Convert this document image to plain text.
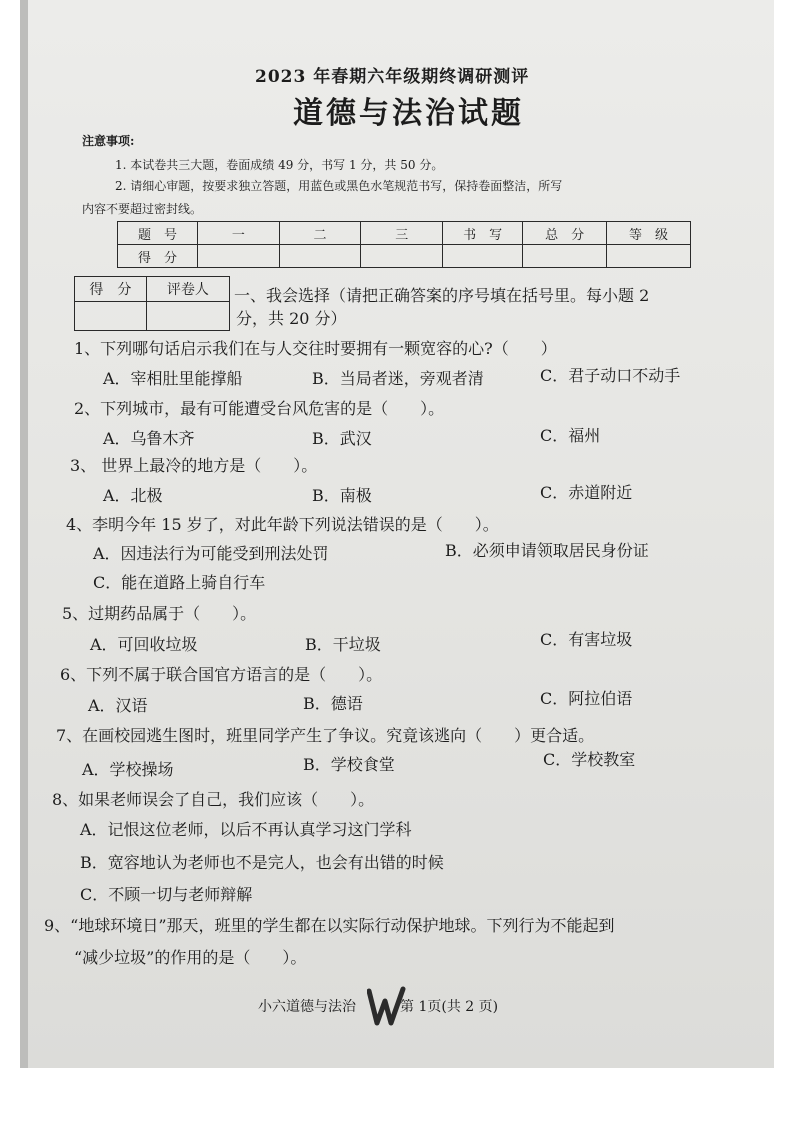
2023 年春期六年级期终调研测评
道德与法治试题
注意事项:
1. 本试卷共三大题，卷面成绩 49 分，书写 1 分，共 50 分。
2. 请细心审题，按要求独立答题，用蓝色或黑色水笔规范书写，保持卷面整洁，所写
内容不要超过密封线。
题　号	一	二	三	书　写	总　分	等　级
得　分						
得　分	评卷人
	一、我会选择（请把正确答案的序号填在括号里。每小题 2
分，共 20 分）
1、下列哪句话启示我们在与人交往时要拥有一颗宽容的心?（　　）
A．宰相肚里能撑船	B．当局者迷，旁观者清	C．君子动口不动手
2、下列城市，最有可能遭受台风危害的是（　　）。
A．乌鲁木齐	B．武汉	C．福州
3、 世界上最冷的地方是（　　）。
A．北极	B．南极	C．赤道附近
4、李明今年 15 岁了，对此年龄下列说法错误的是（　　）。
A．因违法行为可能受到刑法处罚	B．必须申请领取居民身份证
C．能在道路上骑自行车
5、过期药品属于（　　）。
A．可回收垃圾	B．干垃圾	C．有害垃圾
6、下列不属于联合国官方语言的是（　　）。
A．汉语	B．德语	C．阿拉伯语
7、在画校园逃生图时，班里同学产生了争议。究竟该逃向（　　）更合适。
A．学校操场	B．学校食堂	C．学校教室
8、如果老师误会了自己，我们应该（　　）。
A．记恨这位老师，以后不再认真学习这门学科
B．宽容地认为老师也不是完人，也会有出错的时候
C．不顾一切与老师辩解
9、“地球环境日”那天，班里的学生都在以实际行动保护地球。下列行为不能起到
“减少垃圾”的作用的是（　　）。
小六道德与法治	第 1页(共 2 页)
